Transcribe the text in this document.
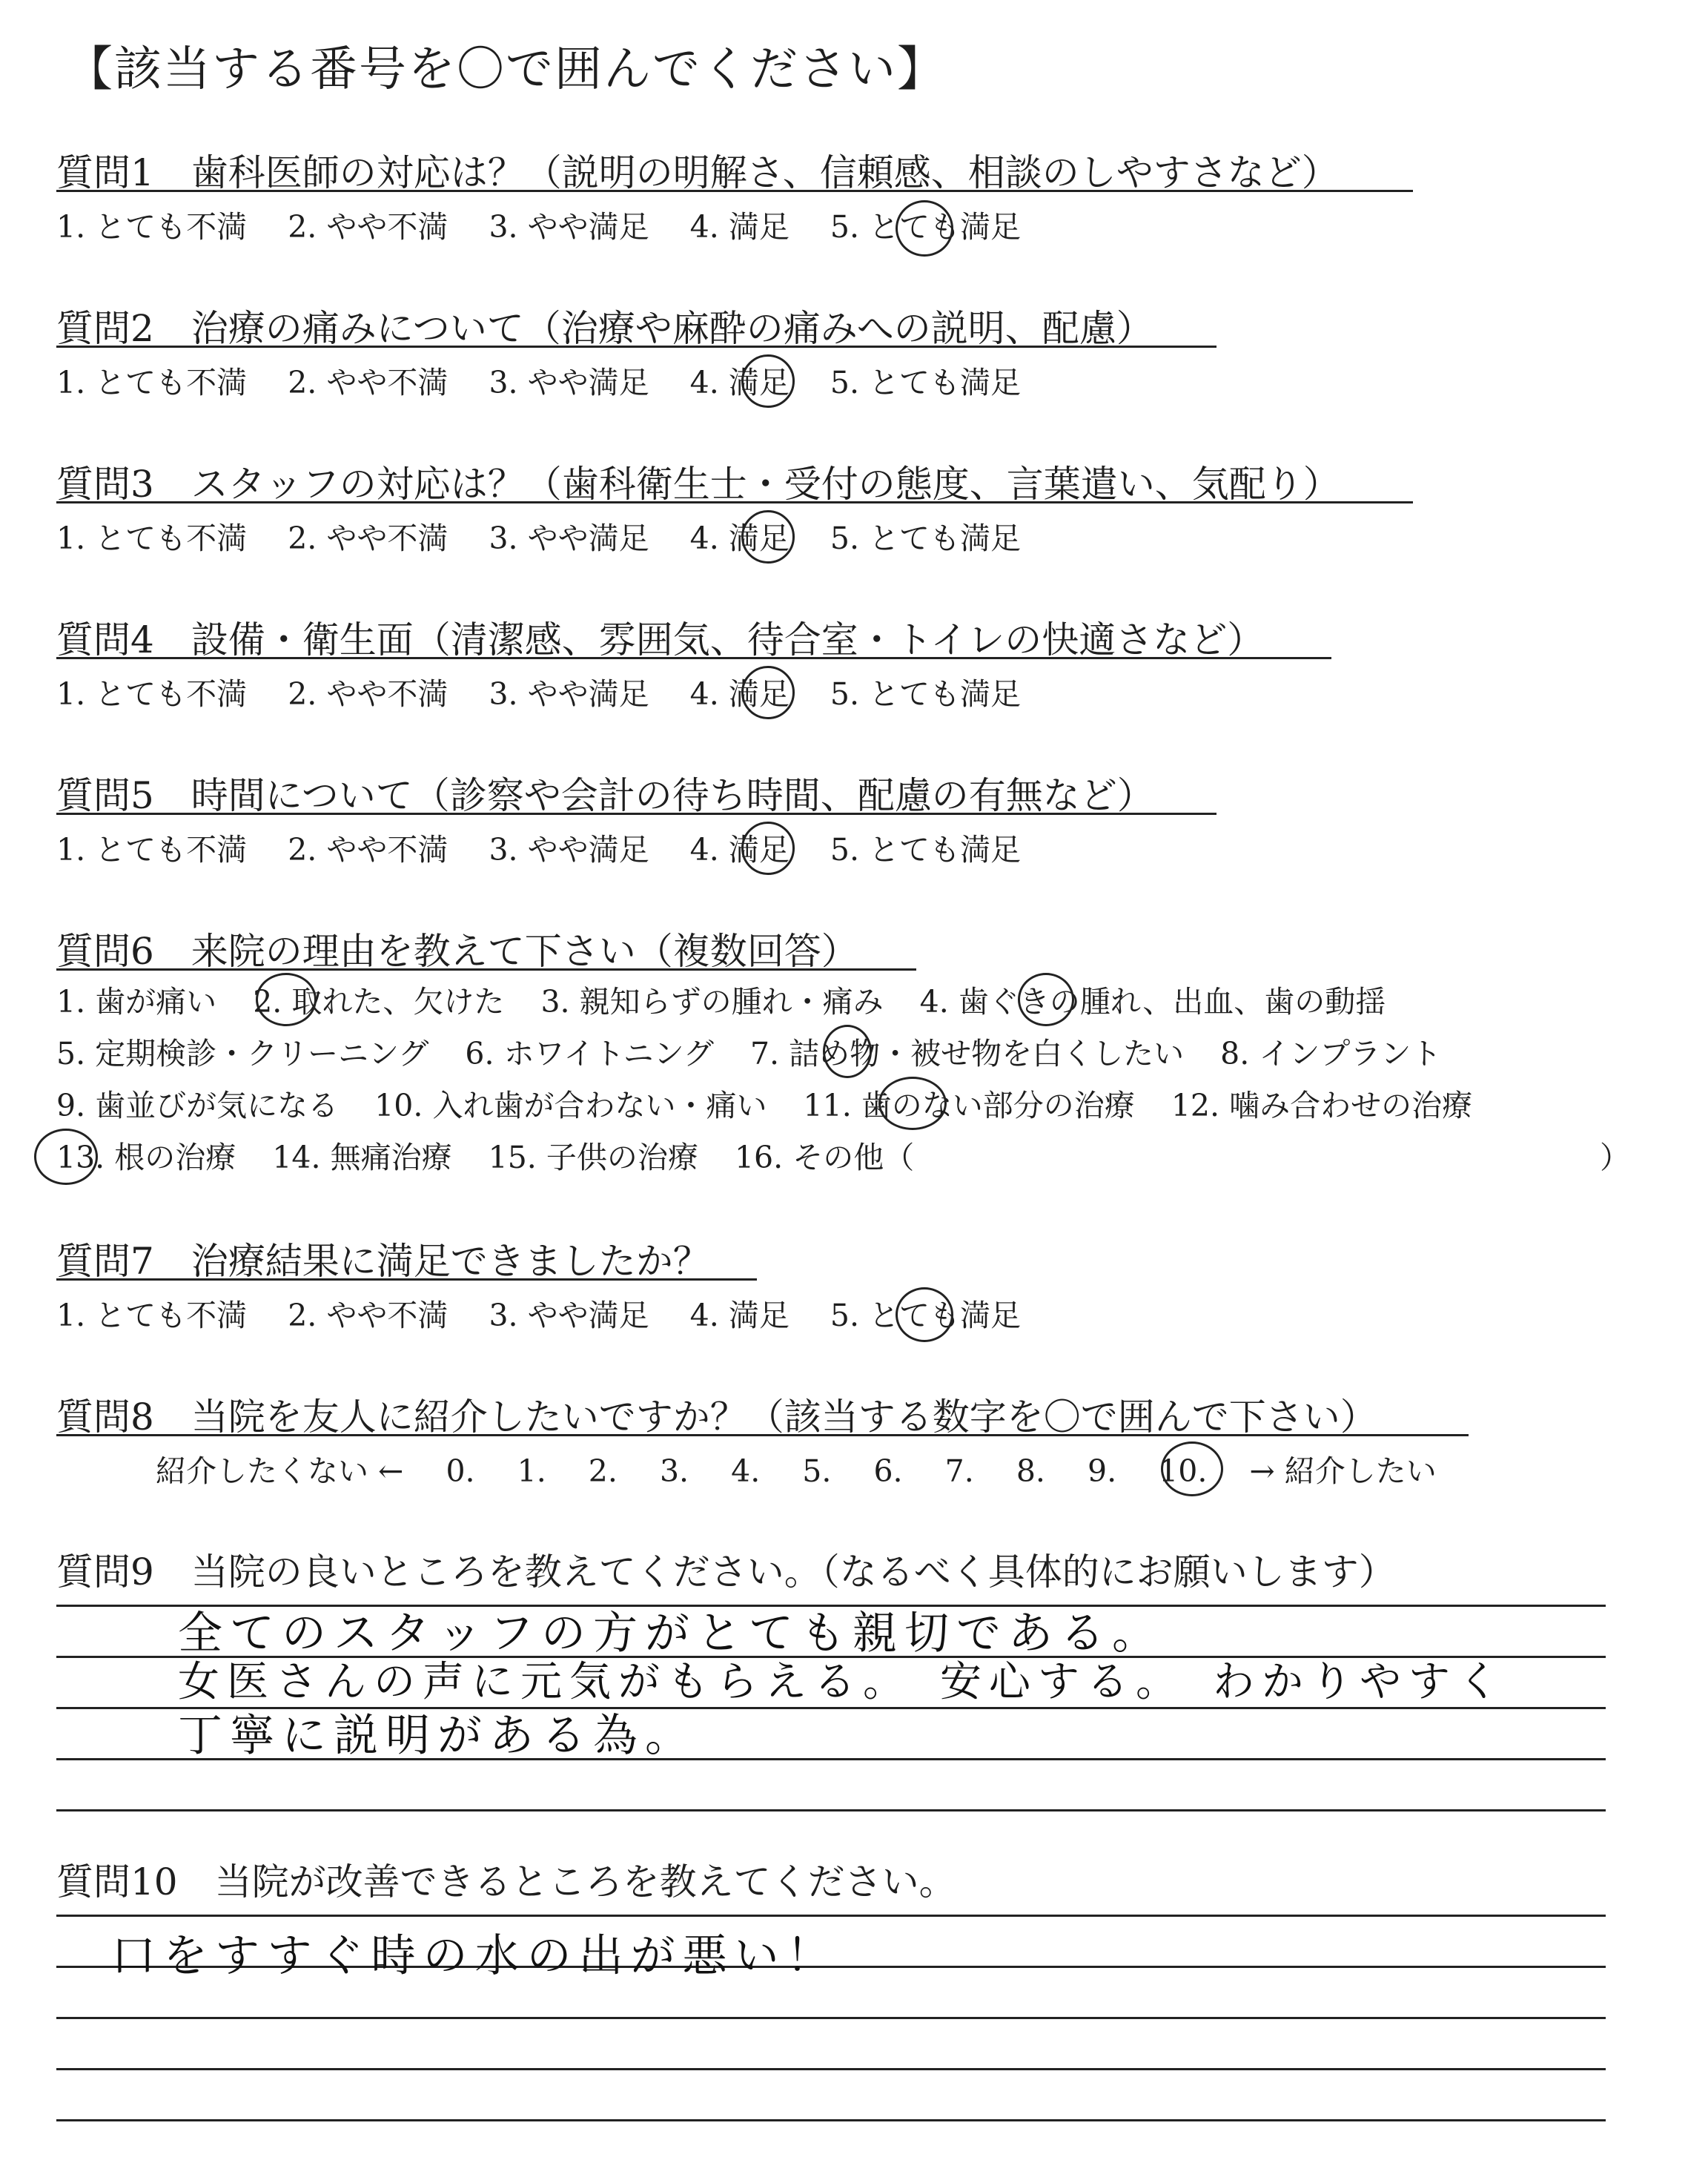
【該当する番号を〇で囲んでください】
質問1　歯科医師の対応は？（説明の明解さ、信頼感、相談のしやすさなど）
1. とても不満 2. やや不満 3. やや満足 4. 満足 5. とても満足
質問2　治療の痛みについて（治療や麻酔の痛みへの説明、配慮）
1. とても不満 2. やや不満 3. やや満足 4. 満足 5. とても満足
質問3　スタッフの対応は？（歯科衛生士・受付の態度、言葉遣い、気配り）
1. とても不満 2. やや不満 3. やや満足 4. 満足 5. とても満足
質問4　設備・衛生面（清潔感、雰囲気、待合室・トイレの快適さなど）
1. とても不満 2. やや不満 3. やや満足 4. 満足 5. とても満足
質問5　時間について（診察や会計の待ち時間、配慮の有無など）
1. とても不満 2. やや不満 3. やや満足 4. 満足 5. とても満足
質問6　来院の理由を教えて下さい（複数回答）
1. 歯が痛い 2. 取れた、欠けた 3. 親知らずの腫れ・痛み 4. 歯ぐきの腫れ、出血、歯の動揺
5. 定期検診・クリーニング 6. ホワイトニング 7. 詰め物・被せ物を白くしたい 8. インプラント
9. 歯並びが気になる 10. 入れ歯が合わない・痛い 11. 歯のない部分の治療 12. 噛み合わせの治療
13. 根の治療 14. 無痛治療 15. 子供の治療 16. その他（	）
質問7　治療結果に満足できましたか？
1. とても不満 2. やや不満 3. やや満足 4. 満足 5. とても満足
質問8　当院を友人に紹介したいですか？（該当する数字を〇で囲んで下さい）
紹介したくない ← 0. 1. 2. 3. 4. 5. 6. 7. 8. 9. 10. → 紹介したい
質問9　当院の良いところを教えてください。（なるべく具体的にお願いします）
全てのスタッフの方がとても親切である。
女医さんの声に元気がもらえる。　安心する。　わかりやすく
丁寧に説明がある為。
質問10　当院が改善できるところを教えてください。
口をすすぐ時の水の出が悪い！
